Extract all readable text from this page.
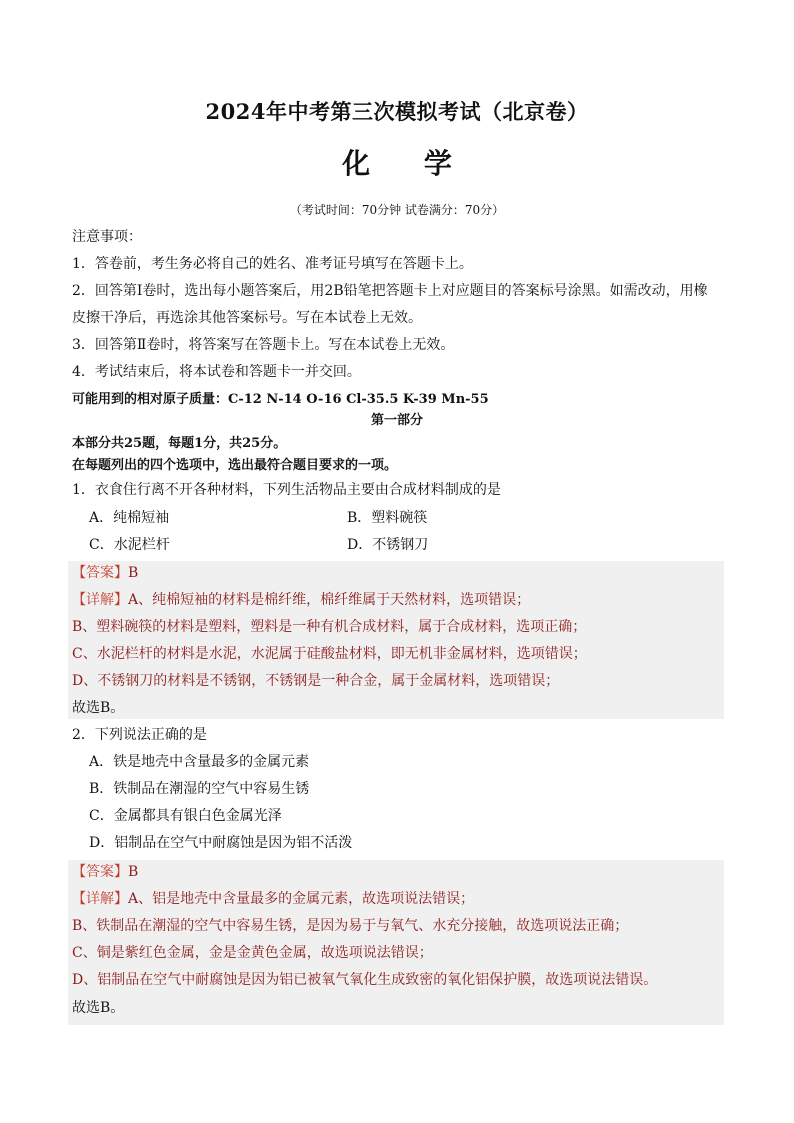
2024年中考第三次模拟考试（北京卷）
化 学
（考试时间：70分钟 试卷满分：70分）
注意事项：
1．答卷前，考生务必将自己的姓名、准考证号填写在答题卡上。
2．回答第Ⅰ卷时，选出每小题答案后，用2B铅笔把答题卡上对应题目的答案标号涂黑。如需改动，用橡
皮擦干净后，再选涂其他答案标号。写在本试卷上无效。
3．回答第Ⅱ卷时，将答案写在答题卡上。写在本试卷上无效。
4．考试结束后，将本试卷和答题卡一并交回。
可能用到的相对原子质量：C-12 N-14 O-16 Cl-35.5 K-39 Mn-55
第一部分
本部分共25题，每题1分，共25分。
在每题列出的四个选项中，选出最符合题目要求的一项。
1．衣食住行离不开各种材料，下列生活物品主要由合成材料制成的是
A．纯棉短袖	B．塑料碗筷
C．水泥栏杆	D．不锈钢刀
【答案】B
【详解】A、纯棉短袖的材料是棉纤维，棉纤维属于天然材料，选项错误；
B、塑料碗筷的材料是塑料，塑料是一种有机合成材料，属于合成材料，选项正确；
C、水泥栏杆的材料是水泥，水泥属于硅酸盐材料，即无机非金属材料，选项错误；
D、不锈钢刀的材料是不锈钢，不锈钢是一种合金，属于金属材料，选项错误；
故选B。
2．下列说法正确的是
A．铁是地壳中含量最多的金属元素
B．铁制品在潮湿的空气中容易生锈
C．金属都具有银白色金属光泽
D．铝制品在空气中耐腐蚀是因为铝不活泼
【答案】B
【详解】A、铝是地壳中含量最多的金属元素，故选项说法错误；
B、铁制品在潮湿的空气中容易生锈，是因为易于与氧气、水充分接触，故选项说法正确；
C、铜是紫红色金属，金是金黄色金属，故选项说法错误；
D、铝制品在空气中耐腐蚀是因为铝已被氧气氧化生成致密的氧化铝保护膜，故选项说法错误。
故选B。
